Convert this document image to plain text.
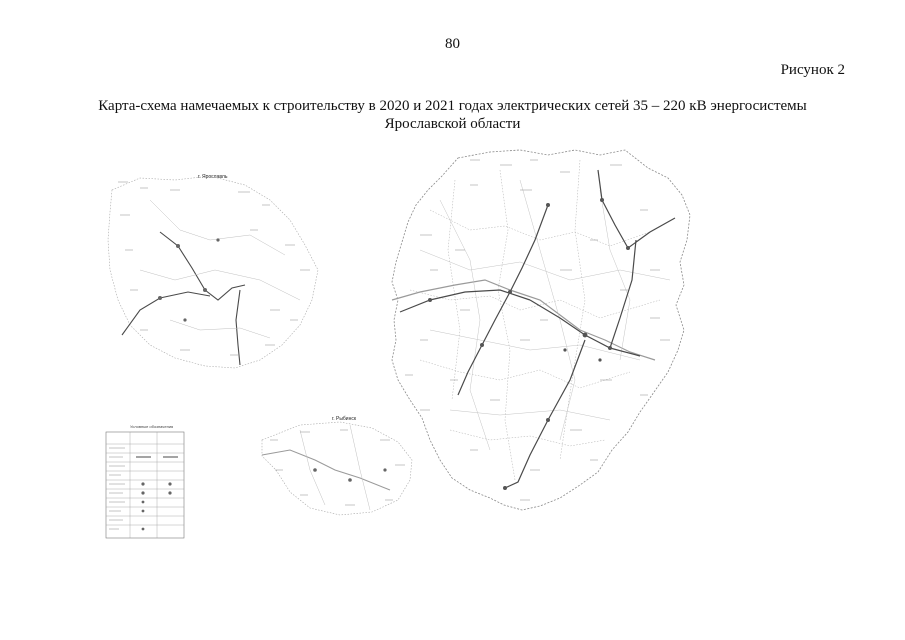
80
Рисунок 2
Карта-схема намечаемых к строительству в 2020 и 2021 годах электрических сетей 35 – 220 кВ энергосистемы
Ярославской области
г. Ярославль
г. Рыбинск
Условные обозначения
